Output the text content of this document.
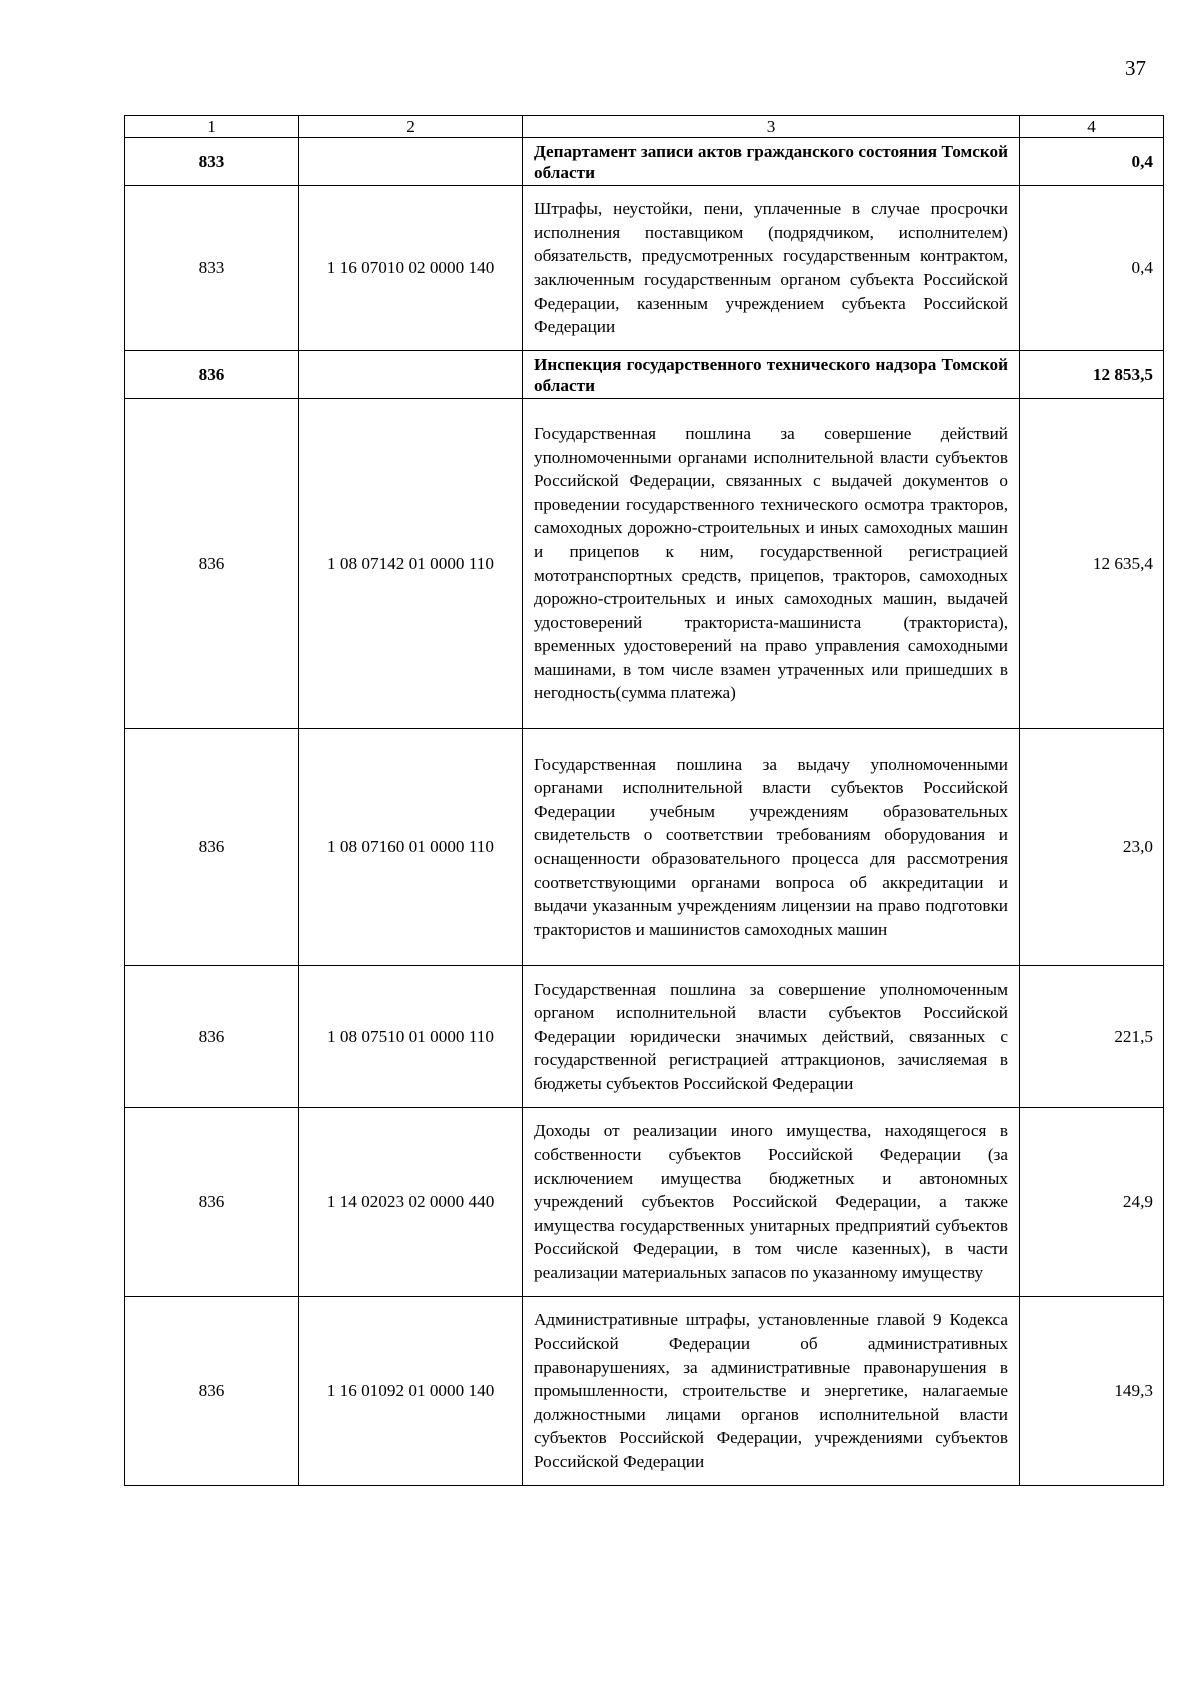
37
1	2	3	4
833		Департамент записи актов гражданского состояния Томской области	0,4
833	1 16 07010 02 0000 140	Штрафы, неустойки, пени, уплаченные в случае просрочки исполнения поставщиком (подрядчиком, исполнителем) обязательств, предусмотренных государственным контрактом, заключенным государственным органом субъекта Российской Федерации, казенным учреждением субъекта Российской Федерации	0,4
836		Инспекция государственного технического надзора Томской области	12 853,5
836	1 08 07142 01 0000 110	Государственная пошлина за совершение действий уполномоченными органами исполнительной власти субъектов Российской Федерации, связанных с выдачей документов о проведении государственного технического осмотра тракторов, самоходных дорожно-строительных и иных самоходных машин и прицепов к ним, государственной регистрацией мототранспортных средств, прицепов, тракторов, самоходных дорожно-строительных и иных самоходных машин, выдачей удостоверений тракториста-машиниста (тракториста), временных удостоверений на право управления самоходными машинами, в том числе взамен утраченных или пришедших в негодность(сумма платежа)	12 635,4
836	1 08 07160 01 0000 110	Государственная пошлина за выдачу уполномоченными органами исполнительной власти субъектов Российской Федерации учебным учреждениям образовательных свидетельств о соответствии требованиям оборудования и оснащенности образовательного процесса для рассмотрения соответствующими органами вопроса об аккредитации и выдачи указанным учреждениям лицензии на право подготовки трактористов и машинистов самоходных машин	23,0
836	1 08 07510 01 0000 110	Государственная пошлина за совершение уполномоченным органом исполнительной власти субъектов Российской Федерации юридически значимых действий, связанных с государственной регистрацией аттракционов, зачисляемая в бюджеты субъектов Российской Федерации	221,5
836	1 14 02023 02 0000 440	Доходы от реализации иного имущества, находящегося в собственности субъектов Российской Федерации (за исключением имущества бюджетных и автономных учреждений субъектов Российской Федерации, а также имущества государственных унитарных предприятий субъектов Российской Федерации, в том числе казенных), в части реализации материальных запасов по указанному имуществу	24,9
836	1 16 01092 01 0000 140	Административные штрафы, установленные главой 9 Кодекса Российской Федерации об административных правонарушениях, за административные правонарушения в промышленности, строительстве и энергетике, налагаемые должностными лицами органов исполнительной власти субъектов Российской Федерации, учреждениями субъектов Российской Федерации	149,3
